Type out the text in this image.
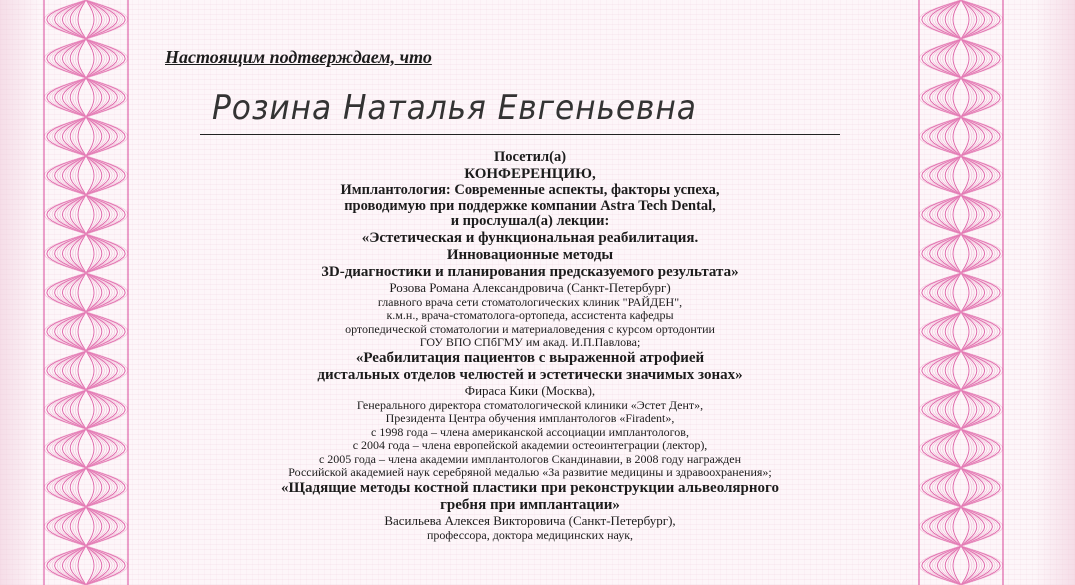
Настоящим подтверждаем, что
Розина Наталья Евгеньевна
Посетил(а)
КОНФЕРЕНЦИЮ,
Имплантология: Современные аспекты, факторы успеха,
проводимую при поддержке компании Astra Tech Dental,
и прослушал(а) лекции:
«Эстетическая и функциональная реабилитация.
Инновационные методы
3D-диагностики и планирования предсказуемого результата»
Розова Романа Александровича (Санкт-Петербург)
главного врача сети стоматологических клиник "РАЙДЕН",
к.м.н., врача-стоматолога-ортопеда, ассистента кафедры
ортопедической стоматологии и материаловедения с курсом ортодонтии
ГОУ ВПО СПбГМУ им акад. И.П.Павлова;
«Реабилитация пациентов с выраженной атрофией
дистальных отделов челюстей и эстетически значимых зонах»
Фираса Кики (Москва),
Генерального директора стоматологической клиники «Эстет Дент»,
Президента Центра обучения имплантологов «Firadent»,
с 1998 года – члена американской ассоциации имплантологов,
с 2004 года – члена европейской академии остеоинтеграции (лектор),
с 2005 года – члена академии имплантологов Скандинавии, в 2008 году награжден
Российской академией наук серебряной медалью «За развитие медицины и здравоохранения»;
«Щадящие методы костной пластики при реконструкции альвеолярного
гребня при имплантации»
Васильева Алексея Викторовича (Санкт-Петербург),
профессора, доктора медицинских наук,
